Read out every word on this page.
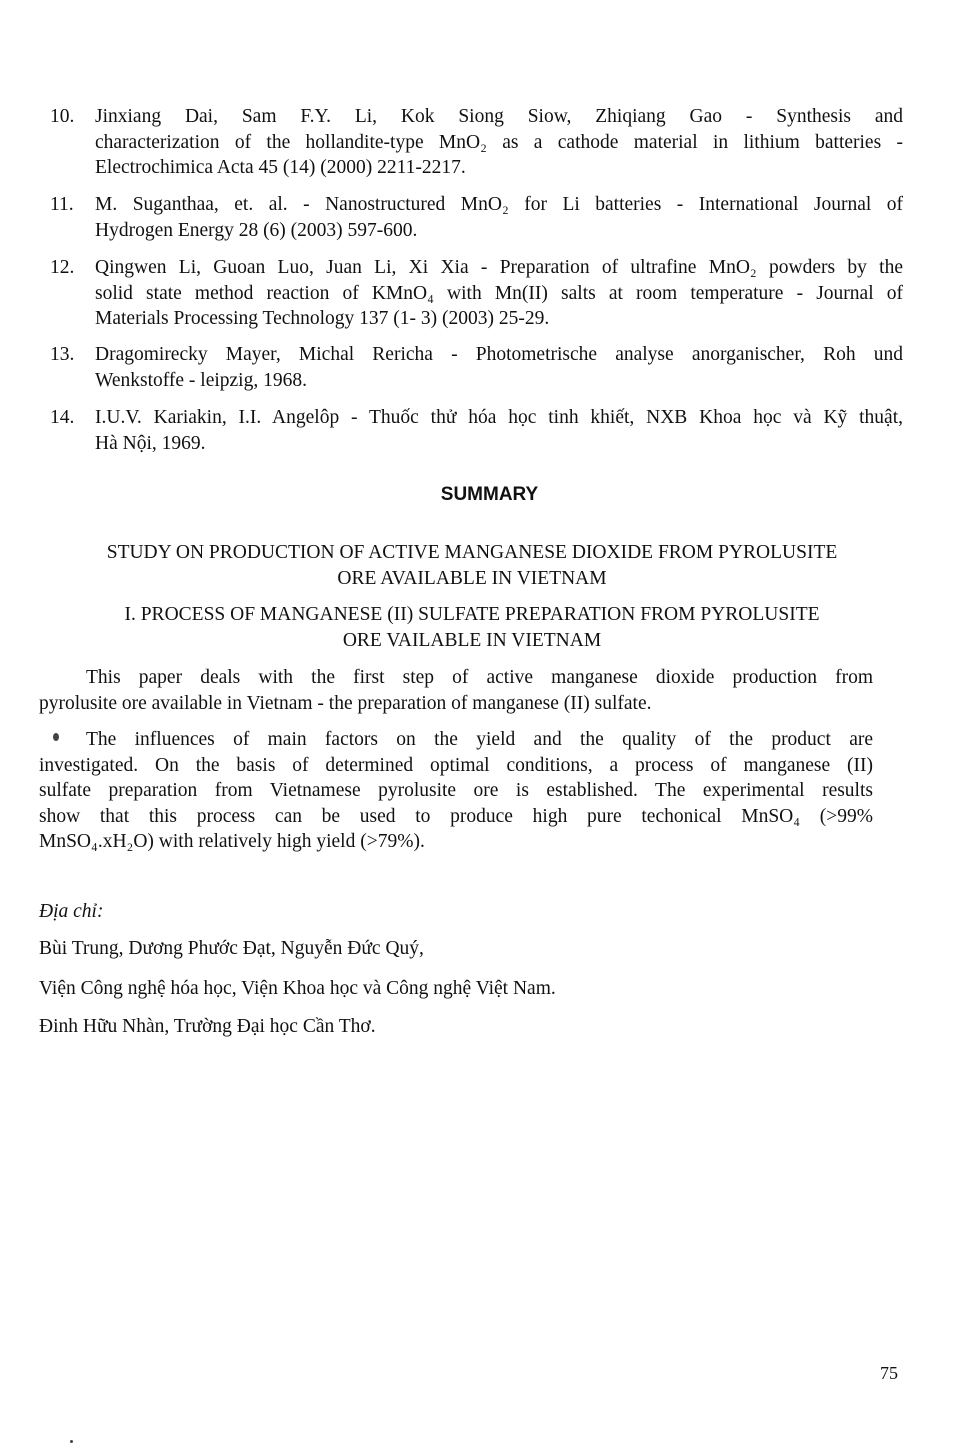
10. Jinxiang Dai, Sam F.Y. Li, Kok Siong Siow, Zhiqiang Gao - Synthesis and
characterization of the hollandite-type MnO₂ as a cathode material in lithium batteries -
Electrochimica Acta 45 (14) (2000) 2211-2217.
11. M. Suganthaa, et. al. - Nanostructured MnO₂ for Li batteries - International Journal of
Hydrogen Energy 28 (6) (2003) 597-600.
12. Qingwen Li, Guoan Luo, Juan Li, Xi Xia - Preparation of ultrafine MnO₂ powders by the
solid state method reaction of KMnO₄ with Mn(II) salts at room temperature - Journal of
Materials Processing Technology 137 (1- 3) (2003) 25-29.
13. Dragomirecky Mayer, Michal Rericha - Photometrische analyse anorganischer, Roh und
Wenkstoffe - leipzig, 1968.
14. I.U.V. Kariakin, I.I. Angelôp - Thuốc thử hóa học tinh khiết, NXB Khoa học và Kỹ thuật,
Hà Nội, 1969.
SUMMARY
STUDY ON PRODUCTION OF ACTIVE MANGANESE DIOXIDE FROM PYROLUSITE
ORE AVAILABLE IN VIETNAM
I. PROCESS OF MANGANESE (II) SULFATE PREPARATION FROM PYROLUSITE
ORE VAILABLE IN VIETNAM
This paper deals with the first step of active manganese dioxide production from
pyrolusite ore available in Vietnam - the preparation of manganese (II) sulfate.
The influences of main factors on the yield and the quality of the product are
investigated. On the basis of determined optimal conditions, a process of manganese (II)
sulfate preparation from Vietnamese pyrolusite ore is established. The experimental results
show that this process can be used to produce high pure techonical MnSO₄ (>99%
MnSO₄.xH₂O) with relatively high yield (>79%).
Địa chỉ:
Bùi Trung, Dương Phước Đạt, Nguyễn Đức Quý,
Viện Công nghệ hóa học, Viện Khoa học và Công nghệ Việt Nam.
Đinh Hữu Nhàn, Trường Đại học Cần Thơ.
75
